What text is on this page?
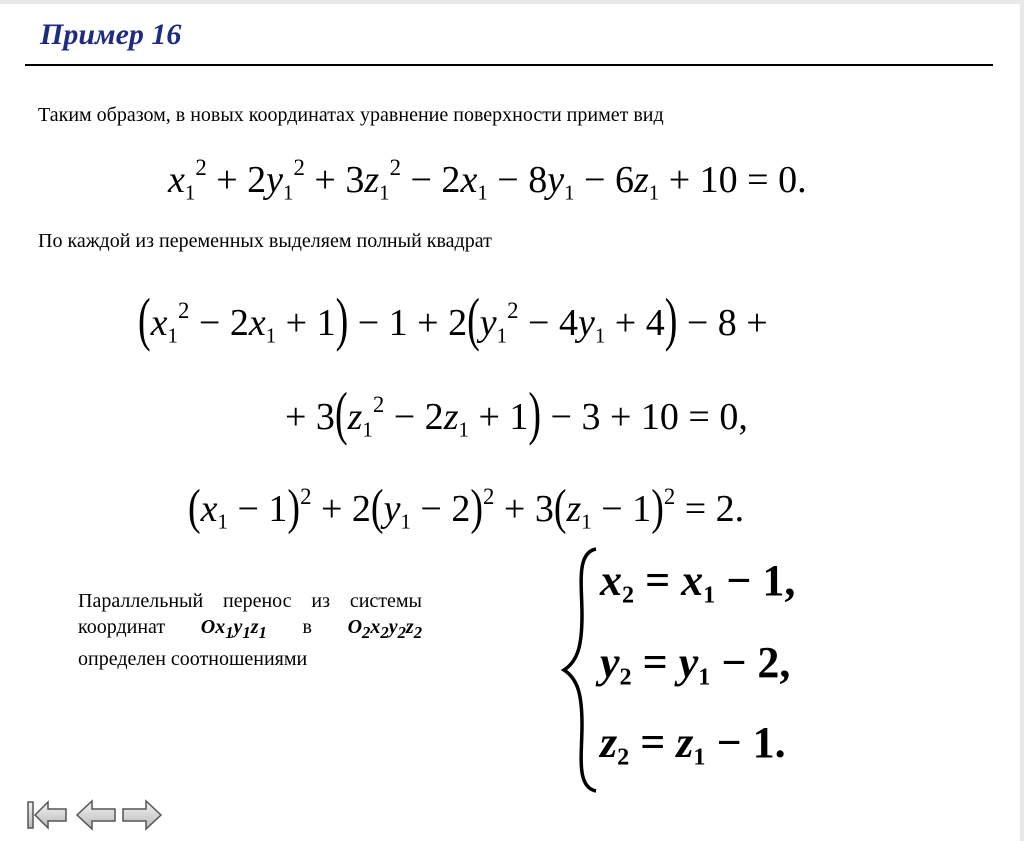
Пример 16
Таким образом, в новых координатах уравнение поверхности примет вид
$x_1^2 + 2y_1^2 + 3z_1^2 - 2x_1 - 8y_1 - 6z_1 + 10 = 0$.
По каждой из переменных выделяем полный квадрат
$(x_1^2 - 2x_1 + 1) - 1 + 2(y_1^2 - 4y_1 + 4) - 8$ +
+ $3(z_1^2 - 2z_1 + 1) - 3 + 10 = 0$,
$(x_1 - 1)^2 + 2(y_1 - 2)^2 + 3(z_1 - 1)^2 = 2$.
Параллельный перенос из системы координат $Ox_1y_1z_1$ в $O_2x_2y_2z_2$ определен соотношениями
$x_2 = x_1 - 1$,
$y_2 = y_1 - 2$,
$z_2 = z_1 - 1$.
